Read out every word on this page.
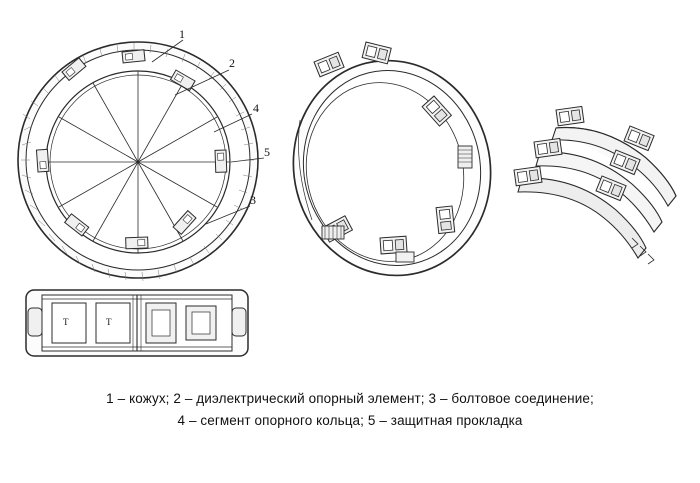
1
2
3
4
5
T	T
1 – кожух; 2 – диэлектрический опорный элемент; 3 – болтовое соединение;
4 – сегмент опорного кольца; 5 – защитная прокладка
